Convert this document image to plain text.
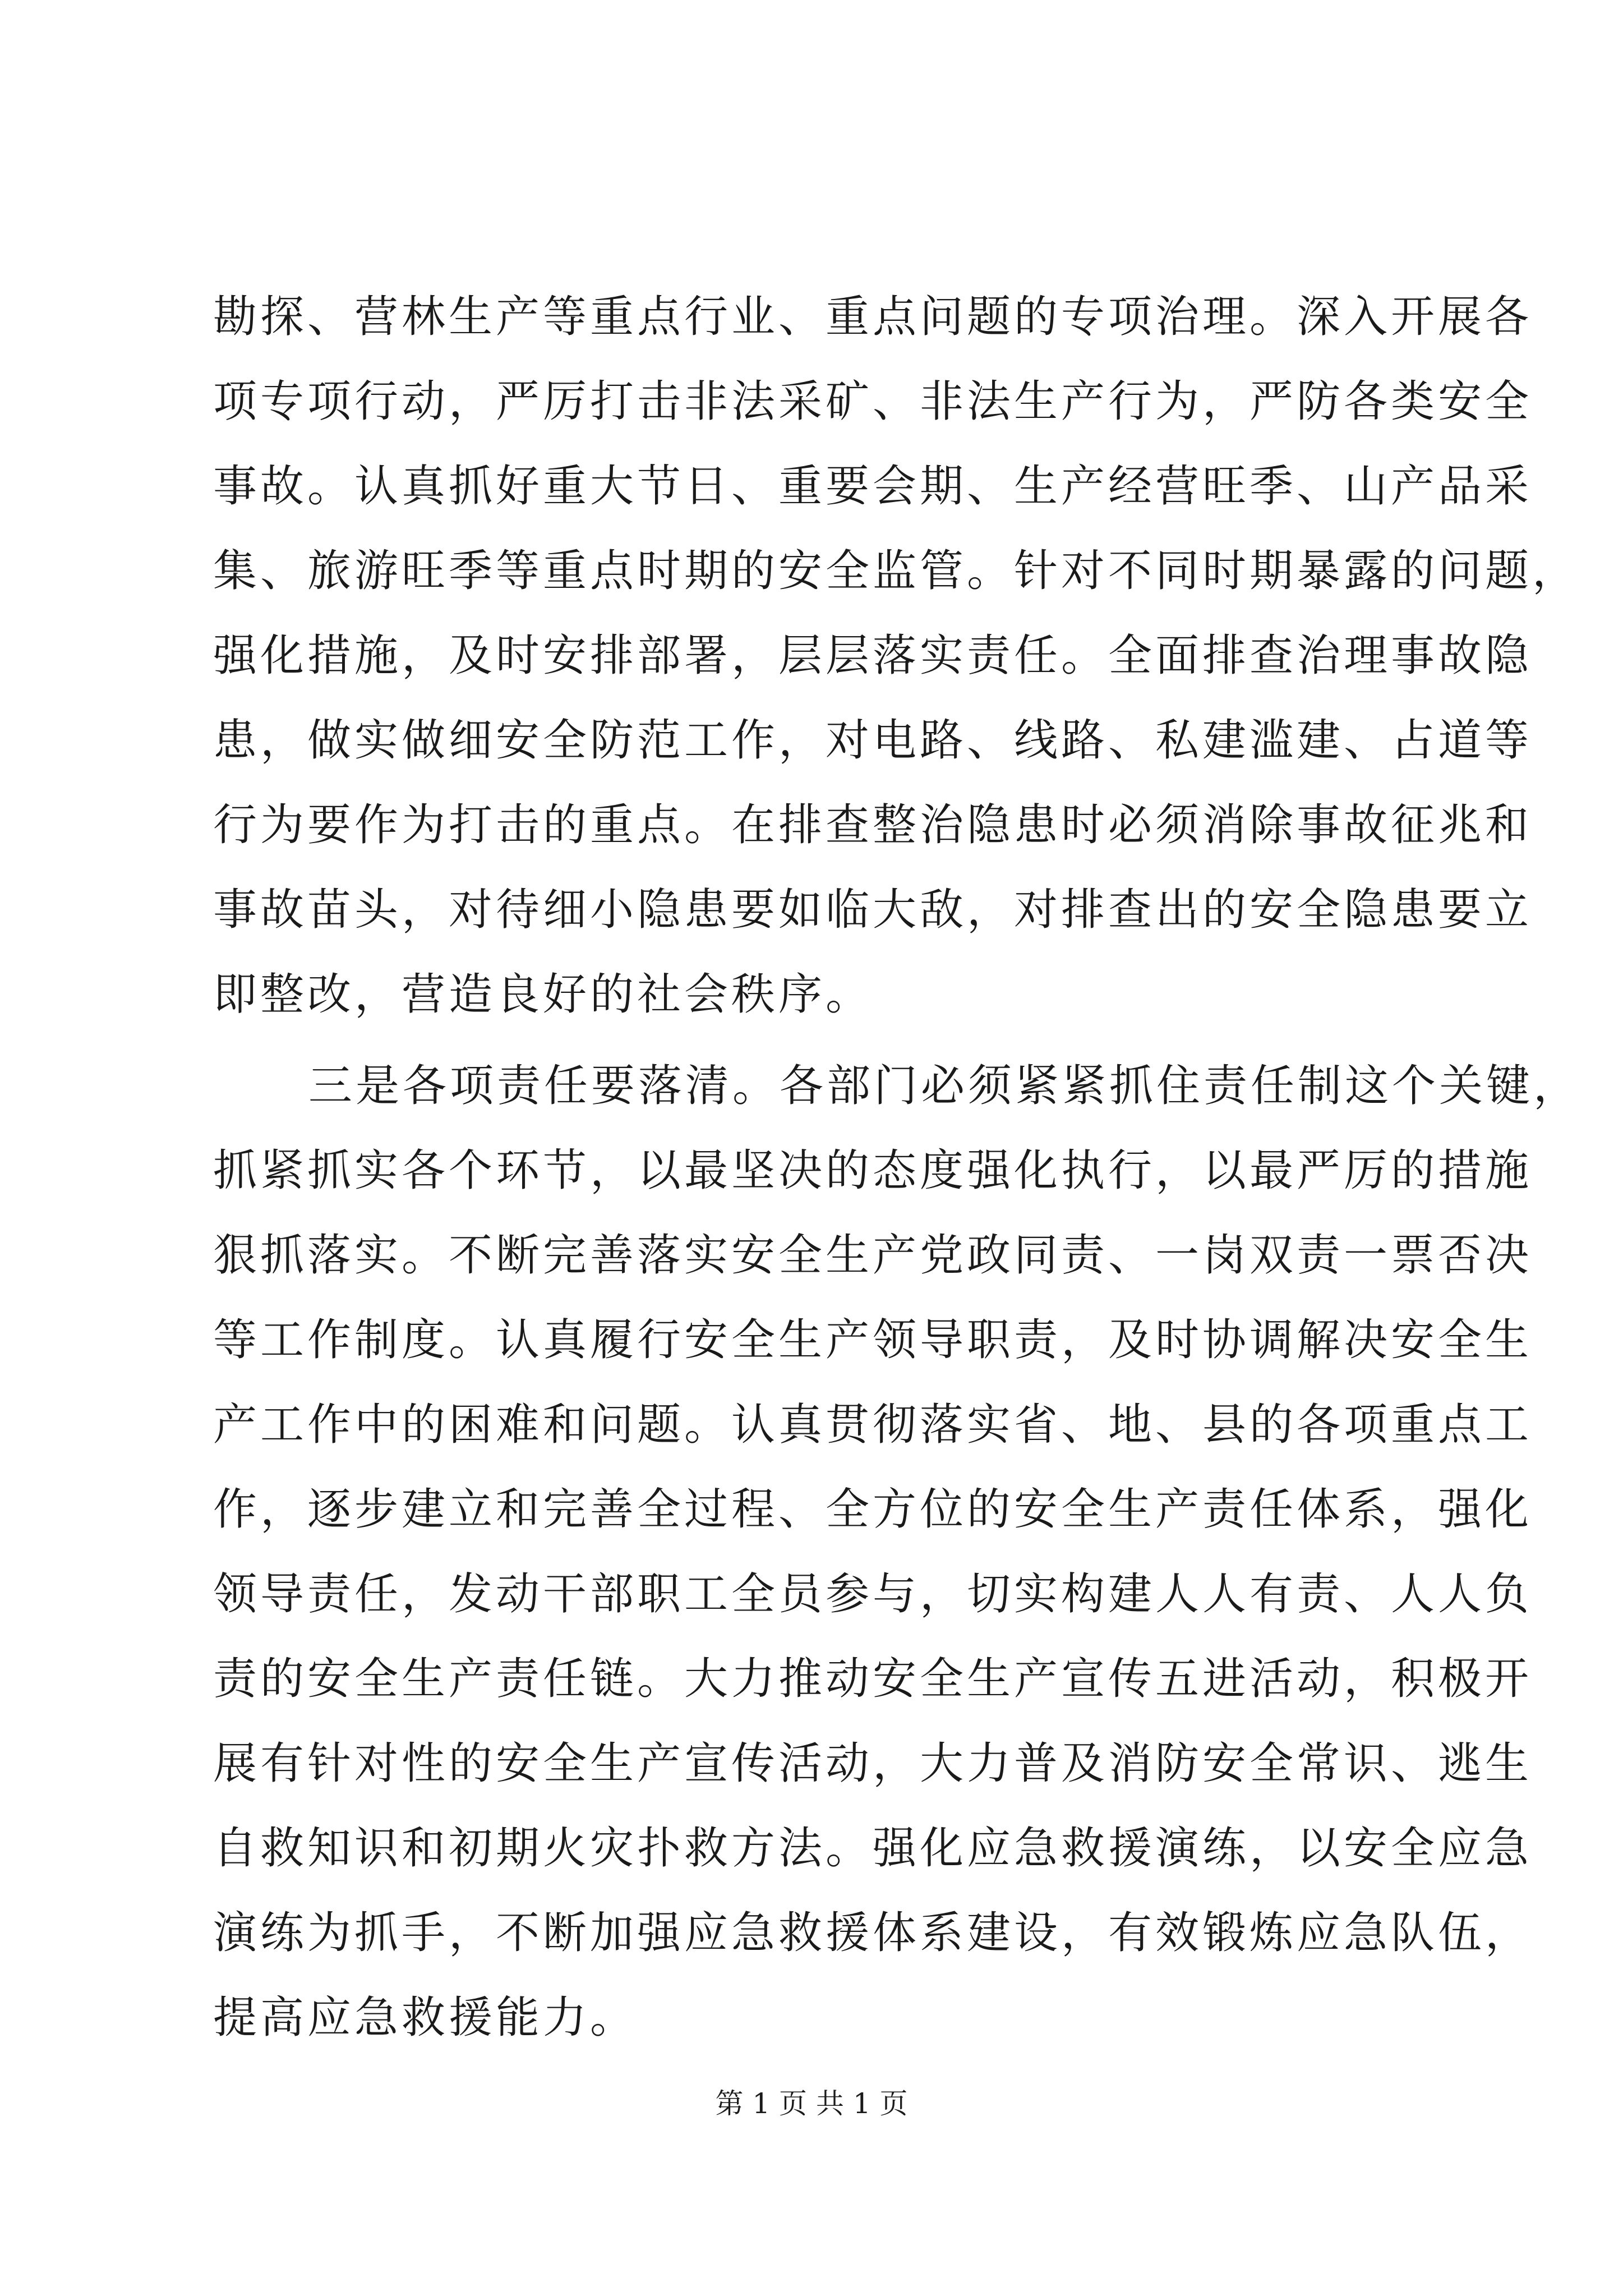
勘探、营林生产等重点行业、重点问题的专项治理。深入开展各
项专项行动，严厉打击非法采矿、非法生产行为，严防各类安全
事故。认真抓好重大节日、重要会期、生产经营旺季、山产品采
集、旅游旺季等重点时期的安全监管。针对不同时期暴露的问题，
强化措施，及时安排部署，层层落实责任。全面排查治理事故隐
患，做实做细安全防范工作，对电路、线路、私建滥建、占道等
行为要作为打击的重点。在排查整治隐患时必须消除事故征兆和
事故苗头，对待细小隐患要如临大敌，对排查出的安全隐患要立
即整改，营造良好的社会秩序。
三是各项责任要落清。各部门必须紧紧抓住责任制这个关键，
抓紧抓实各个环节，以最坚决的态度强化执行，以最严厉的措施
狠抓落实。不断完善落实安全生产党政同责、一岗双责一票否决
等工作制度。认真履行安全生产领导职责，及时协调解决安全生
产工作中的困难和问题。认真贯彻落实省、地、县的各项重点工
作，逐步建立和完善全过程、全方位的安全生产责任体系，强化
领导责任，发动干部职工全员参与，切实构建人人有责、人人负
责的安全生产责任链。大力推动安全生产宣传五进活动，积极开
展有针对性的安全生产宣传活动，大力普及消防安全常识、逃生
自救知识和初期火灾扑救方法。强化应急救援演练，以安全应急
演练为抓手，不断加强应急救援体系建设，有效锻炼应急队伍，
提高应急救援能力。
第 1 页 共 1 页
